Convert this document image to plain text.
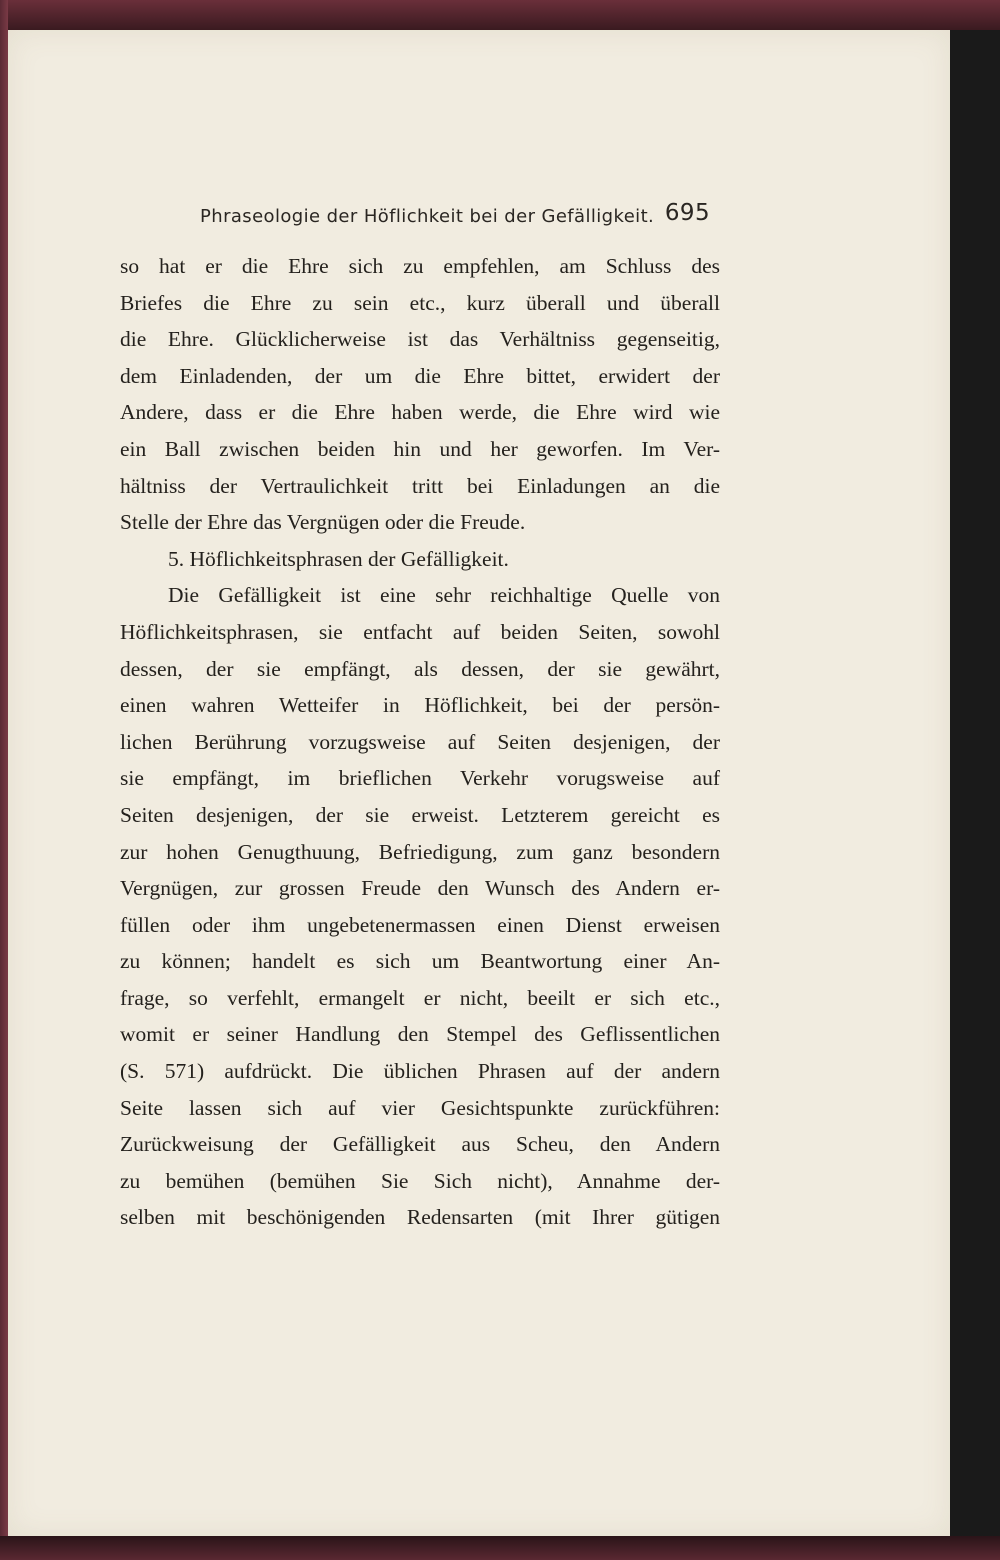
Phraseologie der Höflichkeit bei der Gefälligkeit. 695
so hat er die Ehre sich zu empfehlen, am Schluss des
Briefes die Ehre zu sein etc., kurz überall und überall
die Ehre. Glücklicherweise ist das Verhältniss gegenseitig,
dem Einladenden, der um die Ehre bittet, erwidert der
Andere, dass er die Ehre haben werde, die Ehre wird wie
ein Ball zwischen beiden hin und her geworfen. Im Ver-
hältniss der Vertraulichkeit tritt bei Einladungen an die
Stelle der Ehre das Vergnügen oder die Freude.
5. Höflichkeitsphrasen der Gefälligkeit.
Die Gefälligkeit ist eine sehr reichhaltige Quelle von
Höflichkeitsphrasen, sie entfacht auf beiden Seiten, sowohl
dessen, der sie empfängt, als dessen, der sie gewährt,
einen wahren Wetteifer in Höflichkeit, bei der persön-
lichen Berührung vorzugsweise auf Seiten desjenigen, der
sie empfängt, im brieflichen Verkehr vorugsweise auf
Seiten desjenigen, der sie erweist. Letzterem gereicht es
zur hohen Genugthuung, Befriedigung, zum ganz besondern
Vergnügen, zur grossen Freude den Wunsch des Andern er-
füllen oder ihm ungebetenermassen einen Dienst erweisen
zu können; handelt es sich um Beantwortung einer An-
frage, so verfehlt, ermangelt er nicht, beeilt er sich etc.,
womit er seiner Handlung den Stempel des Geflissentlichen
(S. 571) aufdrückt. Die üblichen Phrasen auf der andern
Seite lassen sich auf vier Gesichtspunkte zurückführen:
Zurückweisung der Gefälligkeit aus Scheu, den Andern
zu bemühen (bemühen Sie Sich nicht), Annahme der-
selben mit beschönigenden Redensarten (mit Ihrer gütigen
